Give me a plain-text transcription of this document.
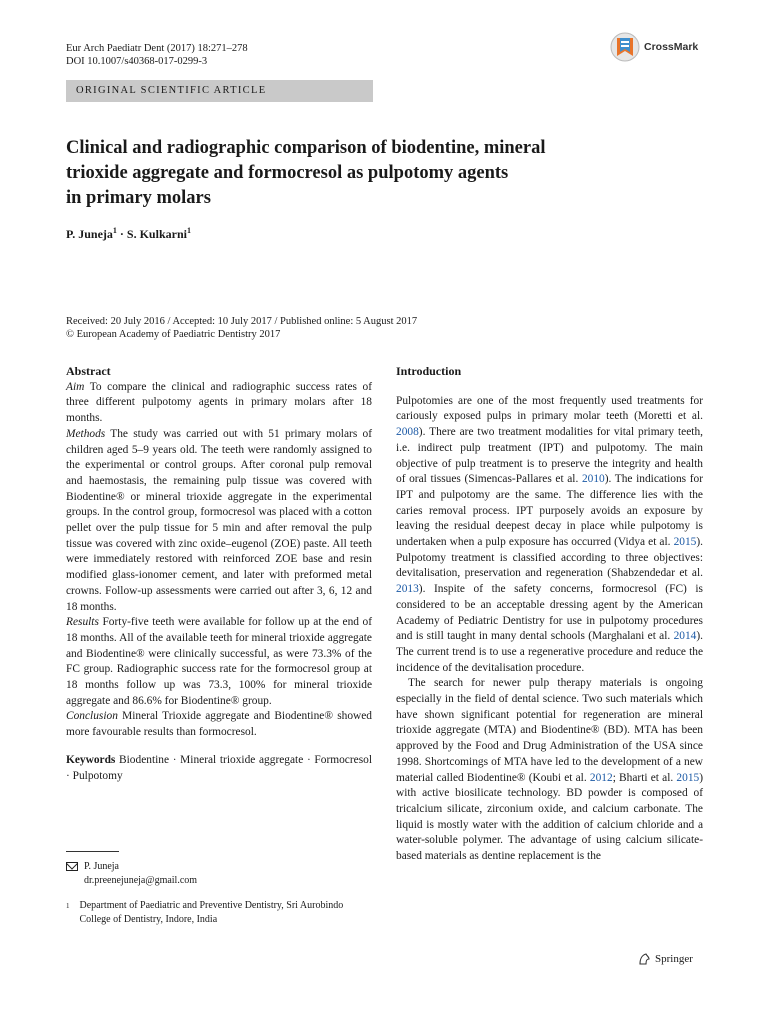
Eur Arch Paediatr Dent (2017) 18:271–278
DOI 10.1007/s40368-017-0299-3
CrossMark
ORIGINAL SCIENTIFIC ARTICLE
Clinical and radiographic comparison of biodentine, mineral
trioxide aggregate and formocresol as pulpotomy agents
in primary molars
P. Juneja$^1$ · S. Kulkarni$^1$
Received: 20 July 2016 / Accepted: 10 July 2017 / Published online: 5 August 2017
© European Academy of Paediatric Dentistry 2017

Abstract

Aim To compare the clinical and radiographic success rates of three different pulpotomy agents in primary molars after 18 months.

Methods The study was carried out with 51 primary molars of children aged 5–9 years old. The teeth were randomly assigned to the experimental or control groups. After coronal pulp removal and haemostasis, the remaining pulp tissue was covered with Biodentine® or mineral trioxide aggregate in the experimental groups. In the control group, formocresol was placed with a cotton pellet over the pulp tissue for 5 min and after removal the pulp tissue was covered with zinc oxide–eugenol (ZOE) paste. All teeth were immediately restored with reinforced ZOE base and resin modified glass-ionomer cement, and later with preformed metal crowns. Follow-up assessments were carried out after 3, 6, 12 and 18 months.

Results Forty-five teeth were available for follow up at the end of 18 months. All of the available teeth for mineral trioxide aggregate and Biodentine® were clinically successful, as were 73.3% of the FC group. Radiographic success rate for the formocresol group at 18 months follow up was 73.3, 100% for mineral trioxide aggregate and 86.6% for Biodentine® group.

Conclusion Mineral Trioxide aggregate and Biodentine® showed more favourable results than formocresol.

Keywords Biodentine · Mineral trioxide aggregate · Formocresol · Pulpotomy

P. Juneja
dr.preenejuneja@gmail.com
1 Department of Paediatric and Preventive Dentistry, Sri Aurobindo College of Dentistry, Indore, India

Introduction

Pulpotomies are one of the most frequently used treatments for cariously exposed pulps in primary molar teeth (Moretti et al. 2008). There are two treatment modalities for vital primary teeth, i.e. indirect pulp treatment (IPT) and pulpotomy. The main objective of pulp treatment is to preserve the integrity and health of oral tissues (Simencas-Pallares et al. 2010). The indications for IPT and pulpotomy are the same. The difference lies with the caries removal process. IPT purposely avoids an exposure by leaving the residual deepest decay in place while pulpotomy is undertaken when a pulp exposure has occurred (Vidya et al. 2015). Pulpotomy treatment is classified according to three objectives: devitalisation, preservation and regeneration (Shabzendedar et al. 2013). Inspite of the safety concerns, formocresol (FC) is considered to be an acceptable dressing agent by the American Academy of Pediatric Dentistry for use in pulpotomy procedures and is still taught in many dental schools (Marghalani et al. 2014). The current trend is to use a regenerative procedure and reduce the incidence of the devitalisation procedure.

The search for newer pulp therapy materials is ongoing especially in the field of dental science. Two such materials which have shown significant potential for regeneration are mineral trioxide aggregate (MTA) and Biodentine® (BD). MTA has been approved by the Food and Drug Administration of the USA since 1998. Shortcomings of MTA have led to the development of a new material called Biodentine® (Koubi et al. 2012; Bharti et al. 2015) with active biosilicate technology. BD powder is composed of tricalcium silicate, zirconium oxide, and calcium carbonate. The liquid is mostly water with the addition of calcium chloride and a water-soluble polymer. The advantage of using calcium silicate-based materials as dentine replacement is the

Springer
